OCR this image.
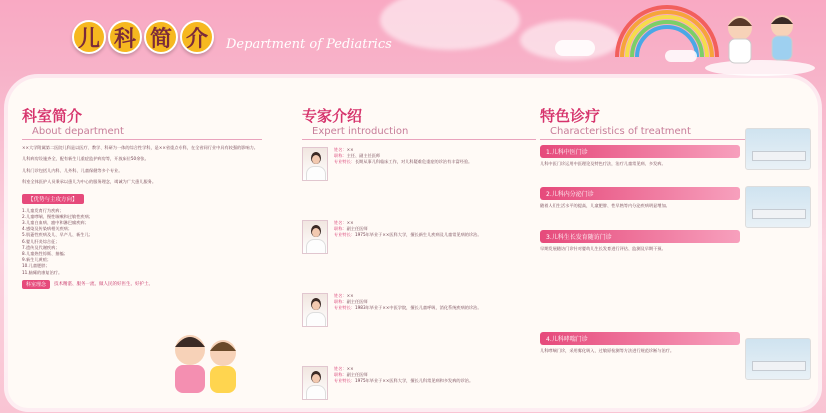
儿 科 简 介	Department of Pediatrics
科室简介
About department
××大学附属第二医院儿科是以医疗、教学、科研为一体的综合性学科，是××省重点专科，在全省同行业中具有较强的影响力。
儿科病房设施齐全，配有新生儿重症监护病房等，开放床位50余张。
儿科门诊包括儿内科、儿外科、儿童保健等多个专业。
科室全体医护人员秉承以患儿为中心的服务理念，竭诚为广大患儿服务。
【优势与主攻方向】
1.儿童发育行为疾病；
2.儿童哮喘、慢性咳嗽和过敏性疾病；
3.儿童白血病、癌中和淋巴瘤疾病；
4.感染及传染病相关疾病；
5.肌萎性疾病及儿、早产儿、新生儿；
6.婴儿肝炎综合征；
7.遗传及代谢疾病；
8.儿童热性惊厥、抽搐；
9.新生儿黄疸；
10.儿童肥胖；
11.脑瘫的康复治疗。
科室理念	技术精湛、服务一流、做人民的好医生、好护士。
专家介绍
Expert introduction
姓名：××
职称：主任、副主任医师
专业特长：长期从事儿科临床工作，对儿科疑难危重症的诊治有丰富经验。
姓名：××
职称：副主任医师
专业特长：1975年毕业于××医科大学，擅长新生儿疾病及儿童常见病的诊治。
姓名：××
职称：副主任医师
专业特长：1983年毕业于××中医学院，擅长儿童呼吸、消化系统疾病的诊治。
姓名：××
职称：副主任医师
专业特长：1975年毕业于××医科大学，擅长儿科常见病和多发病的诊治。
特色诊疗
Characteristics of treatment
1.儿科中医门诊
儿科中医门诊运用中医理论及特色疗法，治疗儿童常见病、多发病。
2.儿科内分泌门诊
随着人们生活水平的提高，儿童肥胖、性早熟等内分泌疾病明显增加。
3.儿科生长发育随访门诊
早期发展随访门诊针对婴幼儿生长发育进行评估、监测及早期干预。
4.儿科哮喘门诊
儿科哮喘门诊，采用雾化吸入、过敏原检测等方法进行规范诊断与治疗。
